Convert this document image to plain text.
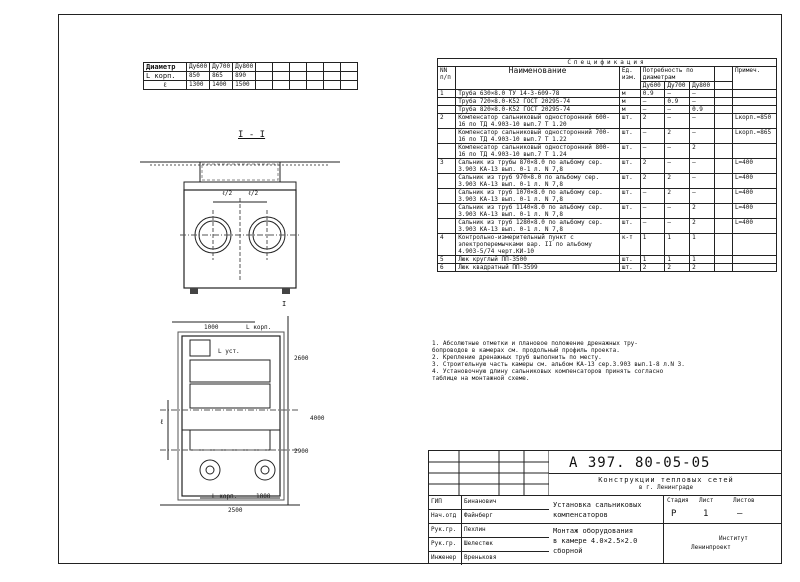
Диаметр	Ду600	Ду700	Ду800						
L корп.	850	865	890						
ℓ	1300	1400	1500						
I - I
ℓ/2	ℓ/2
1000	L корп.
L уст.
2600
4000
2900
ℓ
L корп.	1000
2500
I
Спецификация							
NN п/п	Наименование	Ед. изм.	Потребность по диаметрам				Примеч.
			Ду600	Ду700	Ду800		
1	Труба 630×8.0 ТУ 14-3-609-78	м	0.9	—	—		
	Труба 720×8.0-К52 ГОСТ 20295-74	м	—	0.9	—		
	Труба 820×8.0-К52 ГОСТ 20295-74	м	—	—	0.9		
2	Компенсатор сальниковый односторонний 600-16 по ТД 4.903-10 вып.7 Т 1.20	шт.	2	—	—		Lкорп.=850
	Компенсатор сальниковый односторонний 700-16 по ТД 4.903-10 вып.7 Т 1.22	шт.	—	2	—		Lкорп.=865
	Компенсатор сальниковый односторонний 800-16 по ТД 4.903-10 вып.7 Т 1.24	шт.	—	—	2		
3	Сальник из трубы 870×8.0 по альбому сер. 3.903 КА-13 вып. 0-1 л. N 7,8	шт.	2	—	—		L=400
	Сальник из труб 970×8.0 по альбому сер. 3.903 КА-13 вып. 0-1 л. N 7,8	шт.	2	2	—		L=400
	Сальник из труб 1070×8.0 по альбому сер. 3.903 КА-13 вып. 0-1 л. N 7,8	шт.	—	2	—		L=400
	Сальник из труб 1140×8.0 по альбому сер. 3.903 КА-13 вып. 0-1 л. N 7,8	шт.	—	—	2		L=400
	Сальник из труб 1280×8.0 по альбому сер. 3.903 КА-13 вып. 0-1 л. N 7,8	шт.	—	—	2		L=400
4	Контрольно-измерительный пункт с электроперемычками вар. II по альбому 4.903-5/74 черт.КИ-10	к-т	1	1	1		
5	Люк круглый ПП-3500	шт.	1	1	1		
6	Люк квадратный ПП-3599	шт.	2	2	2		
1. Абсолютные отметки и плановое положение дренажных тру-
бопроводов в камерах см. продольный профиль проекта.
2. Крепление дренажных труб выполнить по месту.
3. Строительную часть камеры см. альбом КА-13 сер.3.903 вып.1-8 л.N 3.
4. Установочную длину сальниковых компенсаторов принять согласно
таблице на монтажной схеме.
ГИП	Бинанович
Нач.отд	Файнберг
Рук.гр.	Пехлин
Рук.гр.	Шелестюк
Инженер	Вреньковя
А 397. 80-05-05
Конструкции тепловых сетей
в г. Ленинграде
Установка сальниковых
компенсаторов
Монтаж оборудования
в камере 4.0×2.5×2.0
сборной
Стадия Лист	Листов
Р	1	—
Институт
Ленинпроект
